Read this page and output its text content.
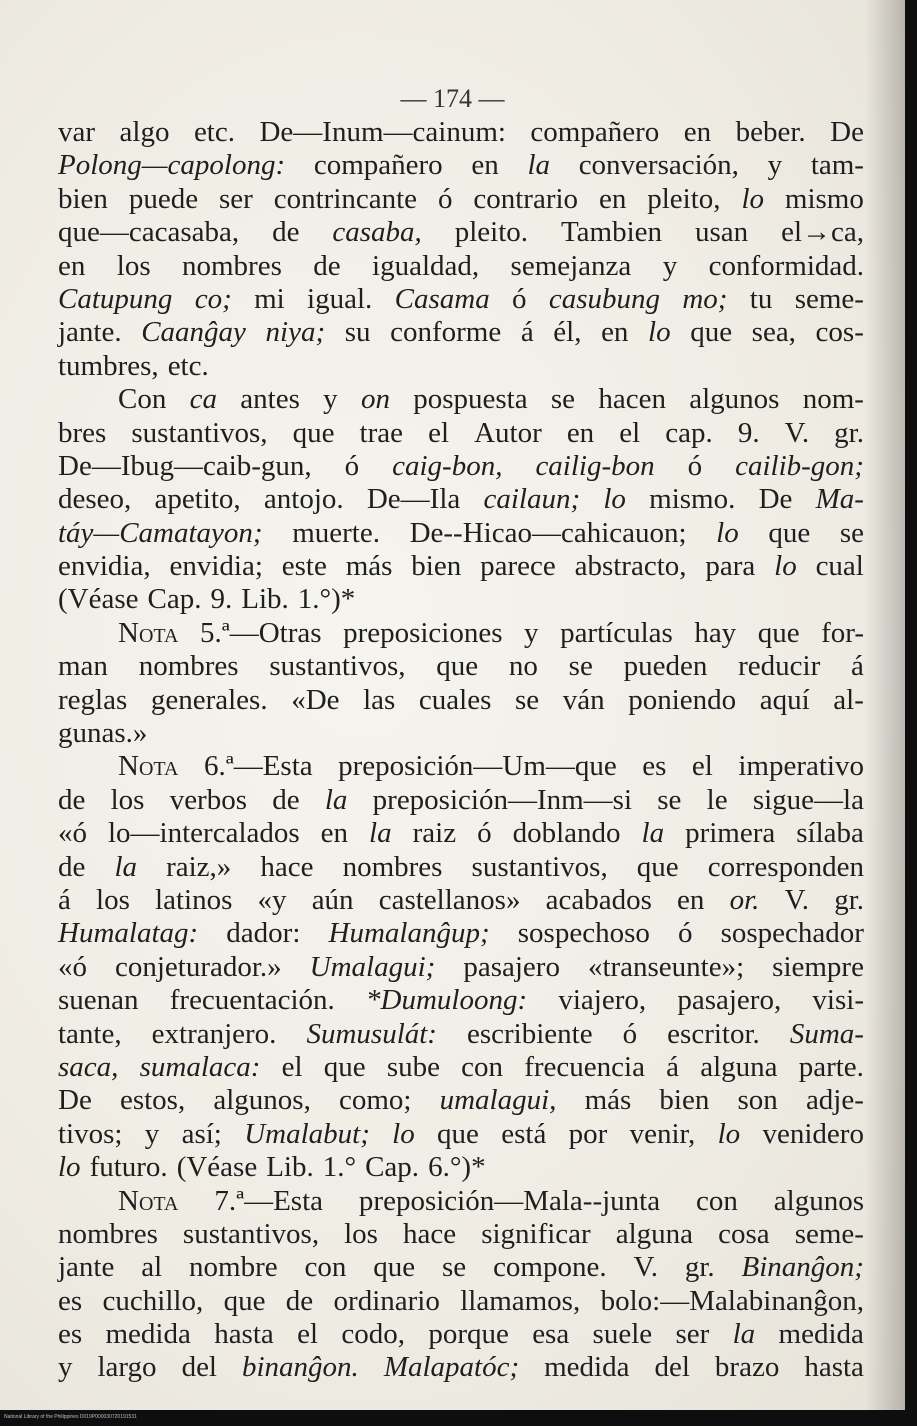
— 174 —
var algo etc. De—Inum—cainum: compañero en beber. De
Polong—capolong: compañero en la conversación, y tam-
bien puede ser contrincante ó contrario en pleito, lo mismo
que—cacasaba, de casaba, pleito. Tambien usan el→ca,
en los nombres de igualdad, semejanza y conformidad.
Catupung co; mi igual. Casama ó casubung mo; tu seme-
jante. Caanĝay niya; su conforme á él, en lo que sea, cos-
tumbres, etc.
Con ca antes y on pospuesta se hacen algunos nom-
bres sustantivos, que trae el Autor en el cap. 9. V. gr.
De—Ibug—caib-gun, ó caig-bon, cailig-bon ó cailib-gon;
deseo, apetito, antojo. De—Ila cailaun; lo mismo. De Ma-
táy—Camatayon; muerte. De--Hicao—cahicauon; lo que se
envidia, envidia; este más bien parece abstracto, para lo cual
(Véase Cap. 9. Lib. 1.°)*
Nota 5.ª—Otras preposiciones y partículas hay que for-
man nombres sustantivos, que no se pueden reducir á
reglas generales. «De las cuales se ván poniendo aquí al-
gunas.»
Nota 6.ª—Esta preposición—Um—que es el imperativo
de los verbos de la preposición—Inm—si se le sigue—la
«ó lo—intercalados en la raiz ó doblando la primera sílaba
de la raiz,» hace nombres sustantivos, que corresponden
á los latinos «y aún castellanos» acabados en or. V. gr.
Humalatag: dador: Humalanĝup; sospechoso ó sospechador
«ó conjeturador.» Umalagui; pasajero «transeunte»; siempre
suenan frecuentación. *Dumuloong: viajero, pasajero, visi-
tante, extranjero. Sumusulát: escribiente ó escritor. Suma-
saca, sumalaca: el que sube con frecuencia á alguna parte.
De estos, algunos, como; umalagui, más bien son adje-
tivos; y así; Umalabut; lo que está por venir, lo venidero
lo futuro. (Véase Lib. 1.° Cap. 6.°)*
Nota 7.ª—Esta preposición—Mala--junta con algunos
nombres sustantivos, los hace significar alguna cosa seme-
jante al nombre con que se compone. V. gr. Binanĝon;
es cuchillo, que de ordinario llamamos, bolo:—Malabinanĝon,
es medida hasta el codo, porque esa suele ser la medida
y largo del binanĝon. Malapatóc; medida del brazo hasta
National Library of the Philippines D019P000030720191531
